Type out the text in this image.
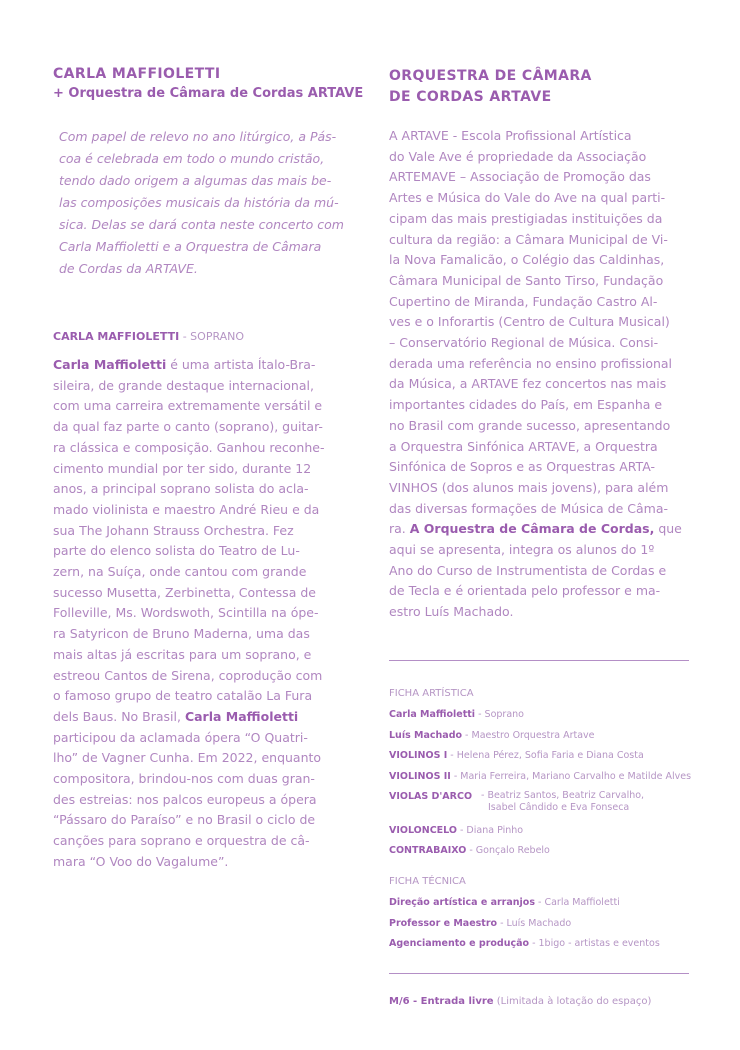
CARLA MAFFIOLETTI
+ Orquestra de Câmara de Cordas ARTAVE
Com papel de relevo no ano litúrgico, a Pás-
coa é celebrada em todo o mundo cristão,
tendo dado origem a algumas das mais be-
las composições musicais da história da mú-
sica. Delas se dará conta neste concerto com
Carla Maffioletti e a Orquestra de Câmara
de Cordas da ARTAVE.
CARLA MAFFIOLETTI - SOPRANO
Carla Maffioletti é uma artista Ítalo-Bra-
sileira, de grande destaque internacional,
com uma carreira extremamente versátil e
da qual faz parte o canto (soprano), guitar-
ra clássica e composição. Ganhou reconhe-
cimento mundial por ter sido, durante 12
anos, a principal soprano solista do acla-
mado violinista e maestro André Rieu e da
sua The Johann Strauss Orchestra. Fez
parte do elenco solista do Teatro de Lu-
zern, na Suíça, onde cantou com grande
sucesso Musetta, Zerbinetta, Contessa de
Folleville, Ms. Wordswoth, Scintilla na ópe-
ra Satyricon de Bruno Maderna, uma das
mais altas já escritas para um soprano, e
estreou Cantos de Sirena, coprodução com
o famoso grupo de teatro catalão La Fura
dels Baus. No Brasil, Carla Maffioletti
participou da aclamada ópera “O Quatri-
lho” de Vagner Cunha. Em 2022, enquanto
compositora, brindou-nos com duas gran-
des estreias: nos palcos europeus a ópera
“Pássaro do Paraíso” e no Brasil o ciclo de
canções para soprano e orquestra de câ-
mara “O Voo do Vagalume”.
ORQUESTRA DE CÂMARA
DE CORDAS ARTAVE
A ARTAVE - Escola Profissional Artística
do Vale Ave é propriedade da Associação
ARTEMAVE – Associação de Promoção das
Artes e Música do Vale do Ave na qual parti-
cipam das mais prestigiadas instituições da
cultura da região: a Câmara Municipal de Vi-
la Nova Famalicão, o Colégio das Caldinhas,
Câmara Municipal de Santo Tirso, Fundação
Cupertino de Miranda, Fundação Castro Al-
ves e o Inforartis (Centro de Cultura Musical)
– Conservatório Regional de Música. Consi-
derada uma referência no ensino profissional
da Música, a ARTAVE fez concertos nas mais
importantes cidades do País, em Espanha e
no Brasil com grande sucesso, apresentando
a Orquestra Sinfónica ARTAVE, a Orquestra
Sinfónica de Sopros e as Orquestras ARTA-
VINHOS (dos alunos mais jovens), para além
das diversas formações de Música de Câma-
ra. A Orquestra de Câmara de Cordas, que
aqui se apresenta, integra os alunos do 1º
Ano do Curso de Instrumentista de Cordas e
de Tecla e é orientada pelo professor e ma-
estro Luís Machado.
FICHA ARTÍSTICA
Carla Maffioletti - Soprano
Luís Machado - Maestro Orquestra Artave
VIOLINOS I - Helena Pérez, Sofia Faria e Diana Costa
VIOLINOS II - Maria Ferreira, Mariano Carvalho e Matilde Alves
VIOLAS D'ARCO - Beatriz Santos, Beatriz Carvalho,
Isabel Cândido e Eva Fonseca
VIOLONCELO - Diana Pinho
CONTRABAIXO - Gonçalo Rebelo
FICHA TÉCNICA
Direção artística e arranjos - Carla Maffioletti
Professor e Maestro - Luís Machado
Agenciamento e produção - 1bigo - artistas e eventos
M/6 - Entrada livre (Limitada à lotação do espaço)
